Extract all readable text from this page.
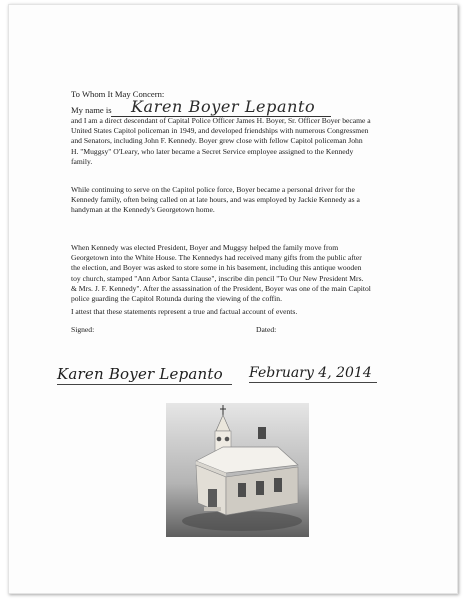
To Whom It May Concern:
My name is	Karen Boyer Lepanto
and I am a direct descendant of Capital Police Officer James H. Boyer, Sr. Officer Boyer became a United States Capitol policeman in 1949, and developed friendships with numerous Congressmen and Senators, including John F. Kennedy. Boyer grew close with fellow Capitol policeman John H. "Muggsy" O'Leary, who later became a Secret Service employee assigned to the Kennedy family.
While continuing to serve on the Capitol police force, Boyer became a personal driver for the Kennedy family, often being called on at late hours, and was employed by Jackie Kennedy as a handyman at the Kennedy's Georgetown home.
When Kennedy was elected President, Boyer and Muggsy helped the family move from Georgetown into the White House. The Kennedys had received many gifts from the public after the election, and Boyer was asked to store some in his basement, including this antique wooden toy church, stamped "Ann Arbor Santa Clause", inscribe din pencil "To Our New President Mrs. & Mrs. J. F. Kennedy". After the assassination of the President, Boyer was one of the main Capitol police guarding the Capitol Rotunda during the viewing of the coffin.
I attest that these statements represent a true and factual account of events.
Signed:	Dated:
Karen Boyer Lepanto	February 4, 2014
